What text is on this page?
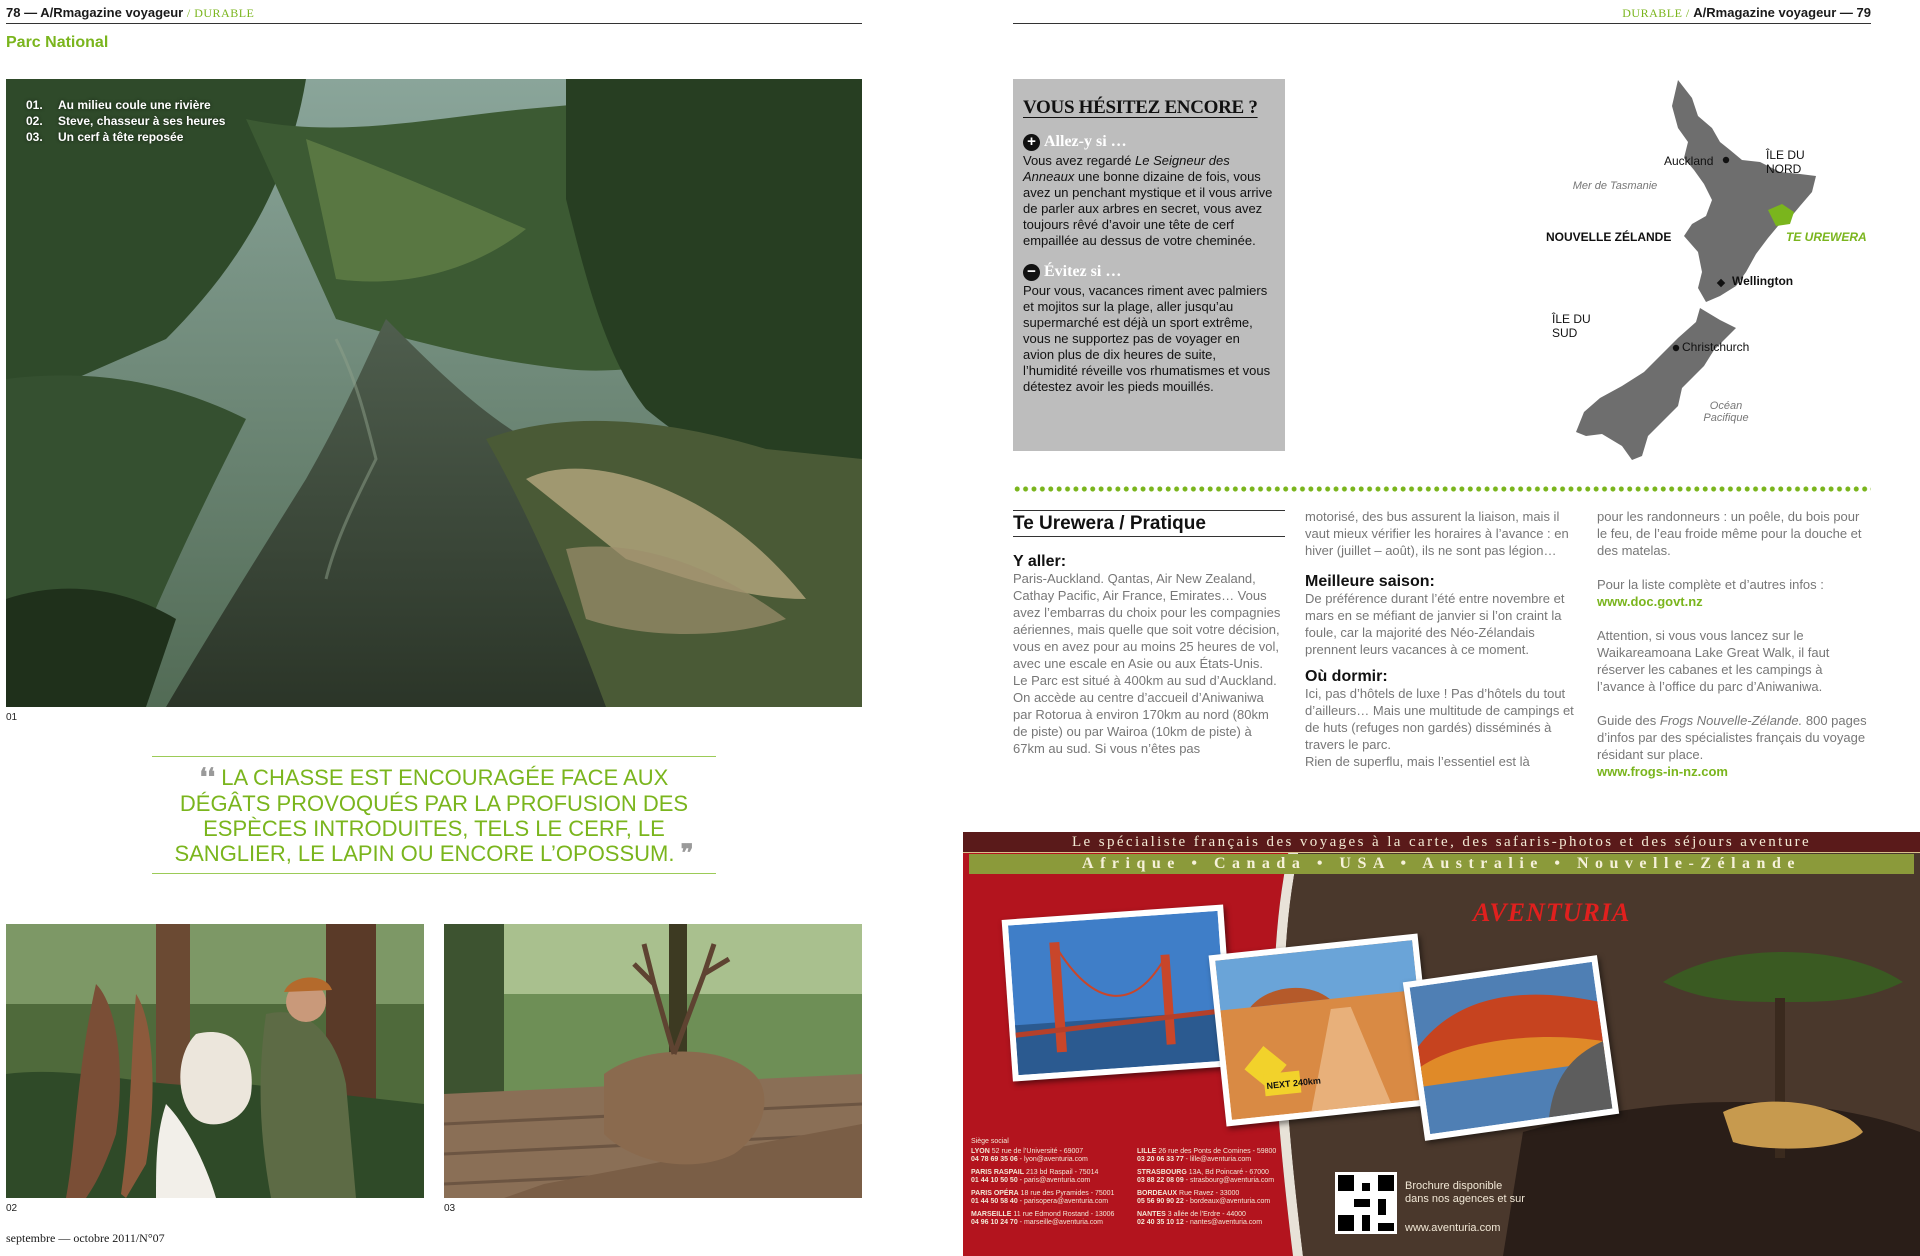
78 — A/Rmagazine voyageur / DURABLE
Parc National
01. Au milieu coule une rivière
02. Steve, chasseur à ses heures
03. Un cerf à tête reposée
01
❛❛ LA CHASSE EST ENCOURAGÉE FACE AUX DÉGÂTS PROVOQUÉS PAR LA PROFUSION DES ESPÈCES INTRODUITES, TELS LE CERF, LE SANGLIER, LE LAPIN OU ENCORE L’OPOSSUM. ❞
02	03
septembre — octobre 2011/N°07
DURABLE / A/Rmagazine voyageur — 79
VOUS HÉSITEZ ENCORE ?
+ Allez-y si …

Vous avez regardé Le Seigneur des Anneaux une bonne dizaine de fois, vous avez un penchant mystique et il vous arrive de parler aux arbres en secret, vous avez toujours rêvé d’avoir une tête de cerf empaillée au dessus de votre cheminée.

− Évitez si …

Pour vous, vacances riment avec palmiers et mojitos sur la plage, aller jusqu’au supermarché est déjà un sport extrême, vous ne supportez pas de voyager en avion plus de dix heures de suite, l’humidité réveille vos rhumatismes et vous détestez avoir les pieds mouillés.

Auckland	ÎLE DU NORD
Mer de Tasmanie
NOUVELLE ZÉLANDE	TE UREWERA
Wellington
ÎLE DU SUD
Christchurch
Océan Pacifique
Te Urewera / Pratique
Y aller:

Paris-Auckland. Qantas, Air New Zealand, Cathay Pacific, Air France, Emirates… Vous avez l’embarras du choix pour les compagnies aériennes, mais quelle que soit votre décision, vous en avez pour au moins 25 heures de vol, avec une escale en Asie ou aux États-Unis.

Le Parc est situé à 400km au sud d’Auckland. On accède au centre d’accueil d’Aniwaniwa par Rotorua à environ 170km au nord (80km de piste) ou par Wairoa (10km de piste) à 67km au sud. Si vous n’êtes pas

motorisé, des bus assurent la liaison, mais il vaut mieux vérifier les horaires à l’avance : en hiver (juillet – août), ils ne sont pas légion…

Meilleure saison:

De préférence durant l’été entre novembre et mars en se méfiant de janvier si l’on craint la foule, car la majorité des Néo-Zélandais prennent leurs vacances à ce moment.

Où dormir:

Ici, pas d’hôtels de luxe ! Pas d’hôtels du tout d’ailleurs… Mais une multitude de campings et de huts (refuges non gardés) disséminés à travers le parc.

Rien de superflu, mais l’essentiel est là

pour les randonneurs : un poêle, du bois pour le feu, de l’eau froide même pour la douche et des matelas.

Pour la liste complète et d’autres infos :

www.doc.govt.nz

Attention, si vous vous lancez sur le Waikareamoana Lake Great Walk, il faut réserver les cabanes et les campings à l’avance à l’office du parc d’Aniwaniwa.

Guide des Frogs Nouvelle-Zélande. 800 pages d’infos par des spécialistes français du voyage résidant sur place.

www.frogs-in-nz.com

Le spécialiste français des voyages à la carte, des safaris-photos et des séjours aventure
Afrique • Canada • USA • Australie • Nouvelle-Zélande
AVENTURIA
NEXT 240km
Siège social
LYON 52 rue de l’Université - 69007
04 78 69 35 06 - lyon@aventuria.com
LILLE 26 rue des Ponts de Comines - 59800
03 20 06 33 77 - lille@aventuria.com
PARIS RASPAIL 213 bd Raspail - 75014
01 44 10 50 50 - paris@aventuria.com
STRASBOURG 13A, Bd Poincaré - 67000
03 88 22 08 09 - strasbourg@aventuria.com
PARIS OPÉRA 18 rue des Pyramides - 75001
01 44 50 58 40 - parisopera@aventuria.com
BORDEAUX Rue Ravez - 33000
05 56 90 90 22 - bordeaux@aventuria.com
MARSEILLE 11 rue Edmond Rostand - 13006
04 96 10 24 70 - marseille@aventuria.com
NANTES 3 allée de l’Erdre - 44000
02 40 35 10 12 - nantes@aventuria.com
Brochure disponible dans nos agences et sur
www.aventuria.com
